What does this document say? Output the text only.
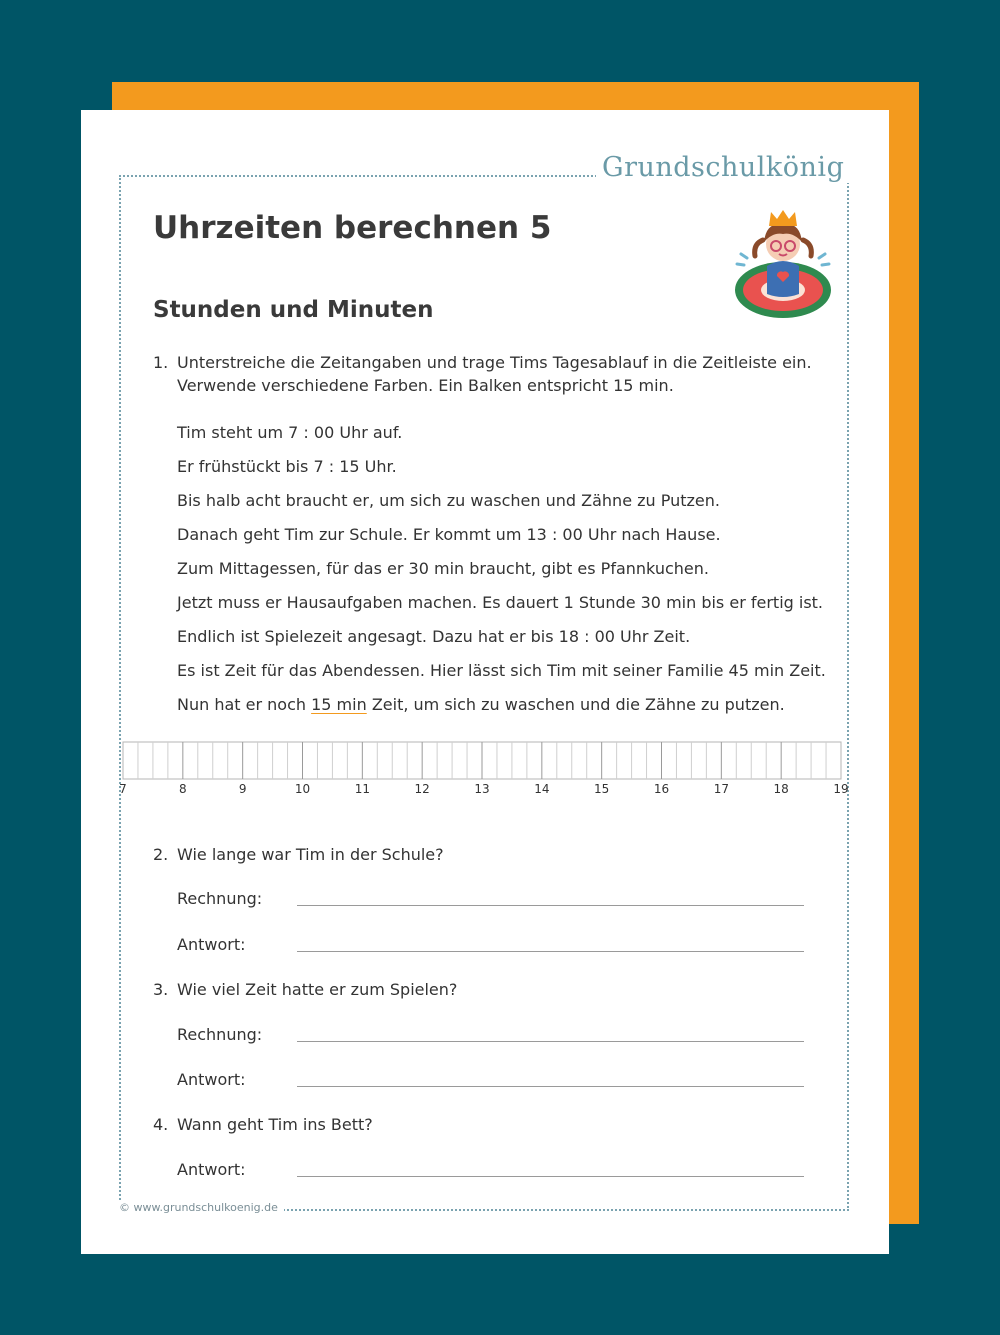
Grundschulkönig
Uhrzeiten berechnen 5
Stunden und Minuten
1. Unterstreiche die Zeitangaben und trage Tims Tagesablauf in die Zeitleiste ein.
Verwende verschiedene Farben. Ein Balken entspricht 15 min.
Tim steht um 7 : 00 Uhr auf.
Er frühstückt bis 7 : 15 Uhr.
Bis halb acht braucht er, um sich zu waschen und Zähne zu Putzen.
Danach geht Tim zur Schule. Er kommt um 13 : 00 Uhr nach Hause.
Zum Mittagessen, für das er 30 min braucht, gibt es Pfannkuchen.
Jetzt muss er Hausaufgaben machen. Es dauert 1 Stunde 30 min bis er fertig ist.
Endlich ist Spielezeit angesagt. Dazu hat er bis 18 : 00 Uhr Zeit.
Es ist Zeit für das Abendessen. Hier lässt sich Tim mit seiner Familie 45 min Zeit.
Nun hat er noch 15 min Zeit, um sich zu waschen und die Zähne zu putzen.
7	8	9	10	11	12	13	14	15	16	17	18	19
2. Wie lange war Tim in der Schule?
Rechnung:
Antwort:
3. Wie viel Zeit hatte er zum Spielen?
Rechnung:
Antwort:
4. Wann geht Tim ins Bett?
Antwort:
© www.grundschulkoenig.de
